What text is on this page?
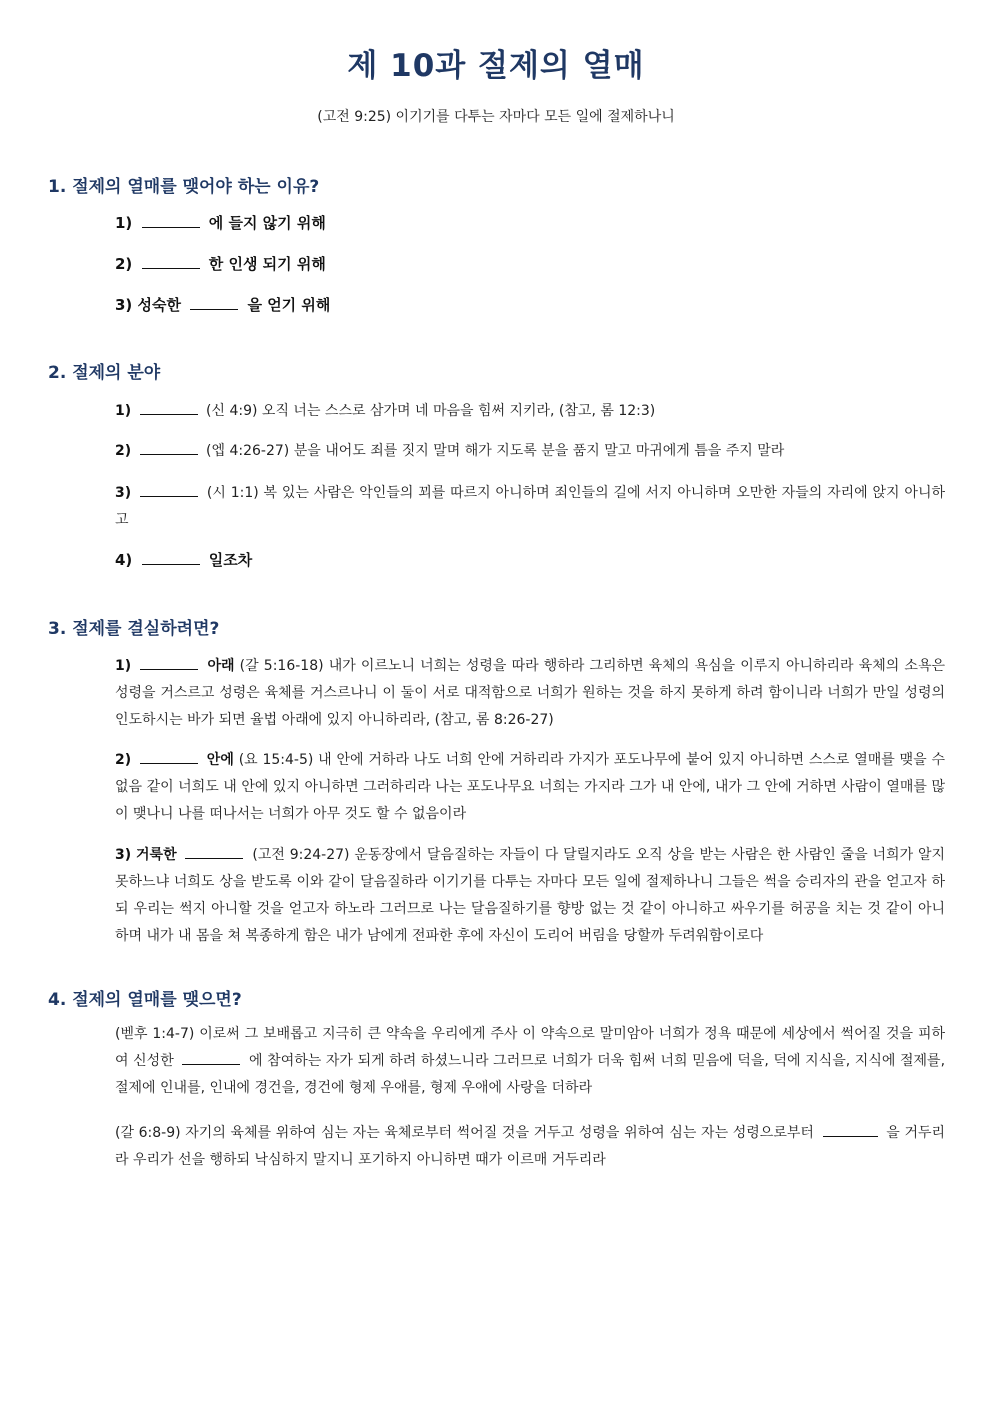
제 10과 절제의 열매
(고전 9:25) 이기기를 다투는 자마다 모든 일에 절제하나니
1. 절제의 열매를 맺어야 하는 이유?
1)	에 들지 않기 위해
2)	한 인생 되기 위해
3) 성숙한	을 얻기 위해
2. 절제의 분야
1)	(신 4:9) 오직 너는 스스로 삼가며 네 마음을 힘써 지키라, (참고, 롬 12:3)
2)	(엡 4:26-27) 분을 내어도 죄를 짓지 말며 해가 지도록 분을 품지 말고 마귀에게 틈을 주지 말라
3)	(시 1:1) 복 있는 사람은 악인들의 꾀를 따르지 아니하며 죄인들의 길에 서지 아니하며 오만한 자들의 자리에 앉지 아니하고
4)	일조차
3. 절제를 결실하려면?
1)	아래 (갈 5:16-18) 내가 이르노니 너희는 성령을 따라 행하라 그리하면 육체의 욕심을 이루지 아니하리라 육체의 소욕은 성령을 거스르고 성령은 육체를 거스르나니 이 둘이 서로 대적함으로 너희가 원하는 것을 하지 못하게 하려 함이니라 너희가 만일 성령의 인도하시는 바가 되면 율법 아래에 있지 아니하리라, (참고, 롬 8:26-27)
2)	안에 (요 15:4-5) 내 안에 거하라 나도 너희 안에 거하리라 가지가 포도나무에 붙어 있지 아니하면 스스로 열매를 맺을 수 없음 같이 너희도 내 안에 있지 아니하면 그러하리라 나는 포도나무요 너희는 가지라 그가 내 안에, 내가 그 안에 거하면 사람이 열매를 많이 맺나니 나를 떠나서는 너희가 아무 것도 할 수 없음이라
3) 거룩한	(고전 9:24-27) 운동장에서 달음질하는 자들이 다 달릴지라도 오직 상을 받는 사람은 한 사람인 줄을 너희가 알지 못하느냐 너희도 상을 받도록 이와 같이 달음질하라 이기기를 다투는 자마다 모든 일에 절제하나니 그들은 썩을 승리자의 관을 얻고자 하되 우리는 썩지 아니할 것을 얻고자 하노라 그러므로 나는 달음질하기를 향방 없는 것 같이 아니하고 싸우기를 허공을 치는 것 같이 아니하며 내가 내 몸을 쳐 복종하게 함은 내가 남에게 전파한 후에 자신이 도리어 버림을 당할까 두려워함이로다
4. 절제의 열매를 맺으면?
(벧후 1:4-7) 이로써 그 보배롭고 지극히 큰 약속을 우리에게 주사 이 약속으로 말미암아 너희가 정욕 때문에 세상에서 썩어질 것을 피하여 신성한	에 참여하는 자가 되게 하려 하셨느니라 그러므로 너희가 더욱 힘써 너희 믿음에 덕을, 덕에 지식을, 지식에 절제를, 절제에 인내를, 인내에 경건을, 경건에 형제 우애를, 형제 우애에 사랑을 더하라
(갈 6:8-9) 자기의 육체를 위하여 심는 자는 육체로부터 썩어질 것을 거두고 성령을 위하여 심는 자는 성령으로부터	을 거두리라 우리가 선을 행하되 낙심하지 말지니 포기하지 아니하면 때가 이르매 거두리라
